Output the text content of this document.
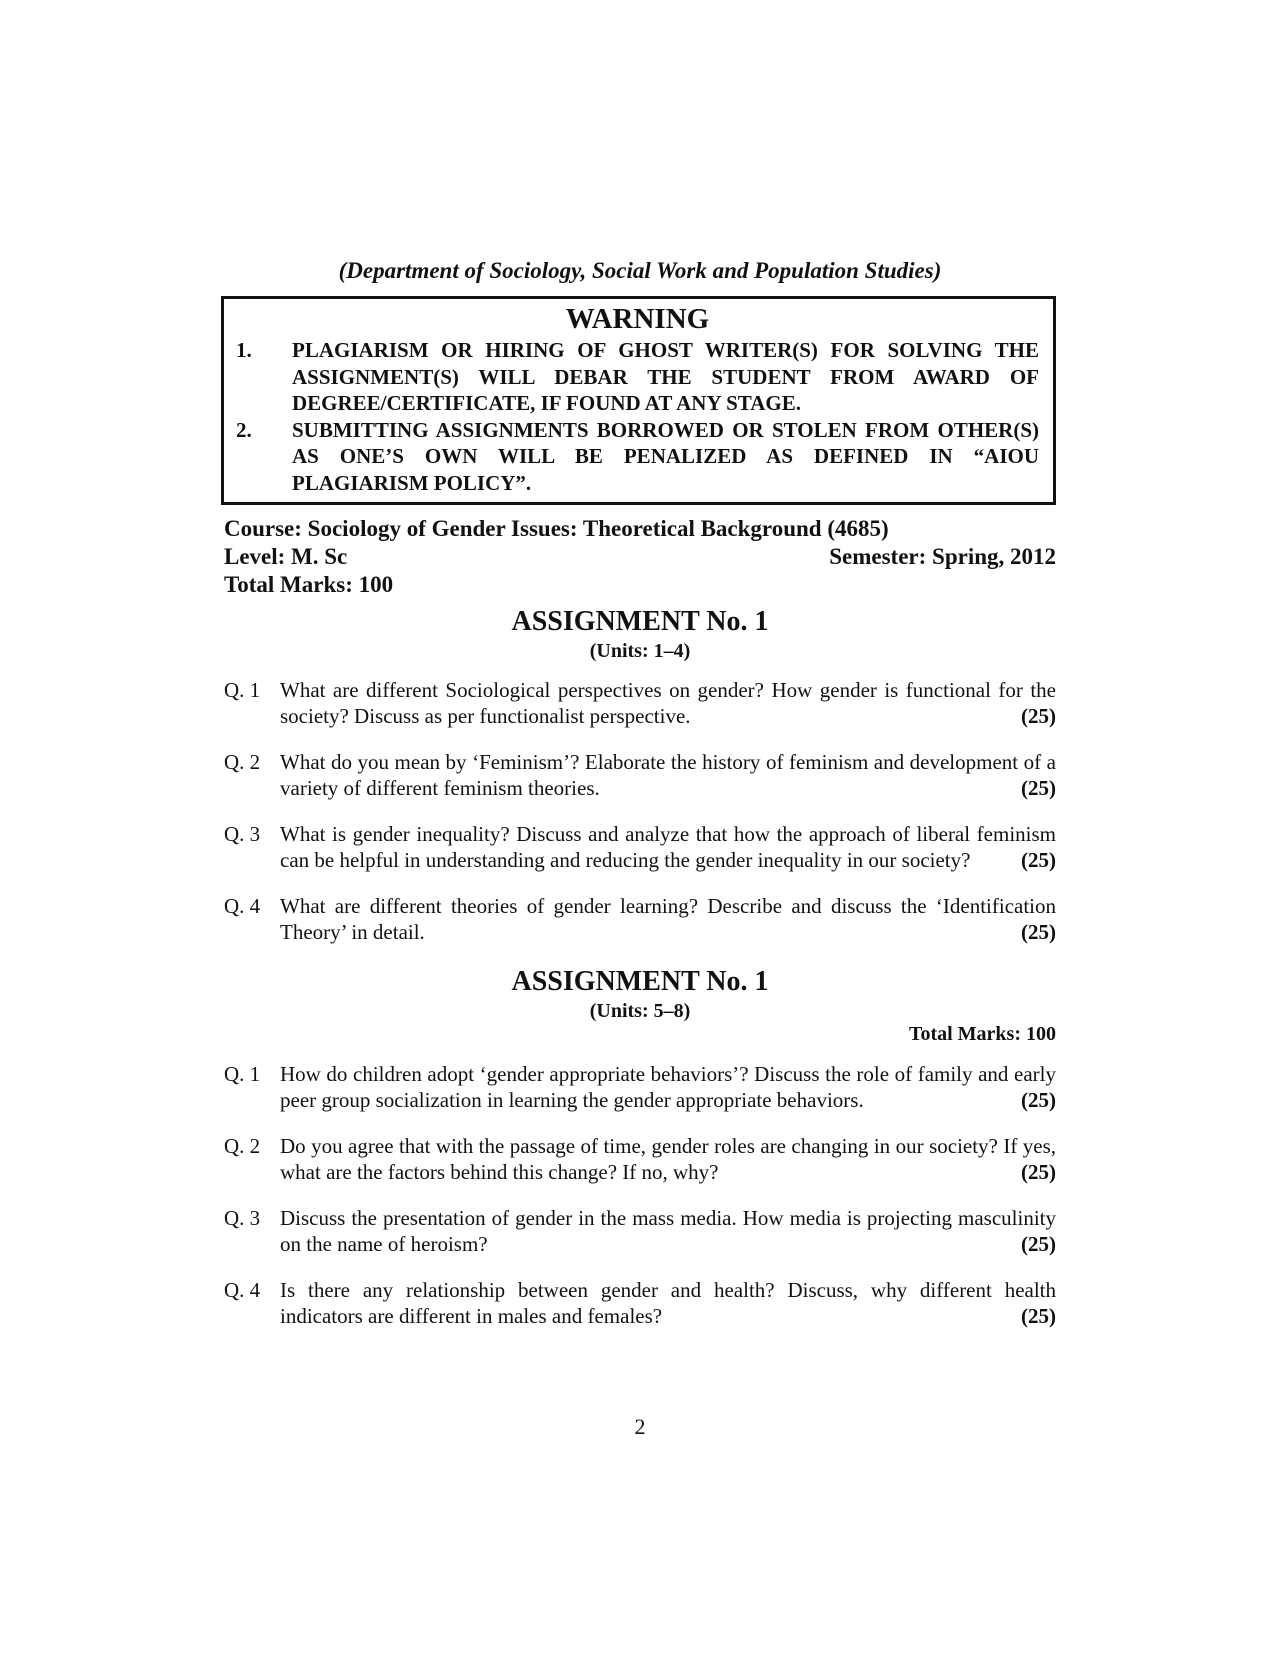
(Department of Sociology, Social Work and Population Studies)
WARNING
1.	PLAGIARISM OR HIRING OF GHOST WRITER(S) FOR SOLVING THE ASSIGNMENT(S) WILL DEBAR THE STUDENT FROM AWARD OF DEGREE/CERTIFICATE, IF FOUND AT ANY STAGE.
2.	SUBMITTING ASSIGNMENTS BORROWED OR STOLEN FROM OTHER(S) AS ONE’S OWN WILL BE PENALIZED AS DEFINED IN “AIOU PLAGIARISM POLICY”.
Course: Sociology of Gender Issues: Theoretical Background (4685)
Level: M. Sc	Semester: Spring, 2012
Total Marks: 100
ASSIGNMENT No. 1
(Units: 1–4)
Q. 1 What are different Sociological perspectives on gender? How gender is functional for the society? Discuss as per functionalist perspective.	(25)
Q. 2 What do you mean by ‘Feminism’? Elaborate the history of feminism and development of a variety of different feminism theories.	(25)
Q. 3 What is gender inequality? Discuss and analyze that how the approach of liberal feminism can be helpful in understanding and reducing the gender inequality in our society? (25)
Q. 4 What are different theories of gender learning? Describe and discuss the ‘Identification Theory’ in detail.	(25)
ASSIGNMENT No. 1
(Units: 5–8)
Total Marks: 100
Q. 1 How do children adopt ‘gender appropriate behaviors’? Discuss the role of family and early peer group socialization in learning the gender appropriate behaviors.	(25)
Q. 2 Do you agree that with the passage of time, gender roles are changing in our society? If yes, what are the factors behind this change? If no, why?	(25)
Q. 3 Discuss the presentation of gender in the mass media. How media is projecting masculinity on the name of heroism?	(25)
Q. 4 Is there any relationship between gender and health? Discuss, why different health indicators are different in males and females?	(25)
2
